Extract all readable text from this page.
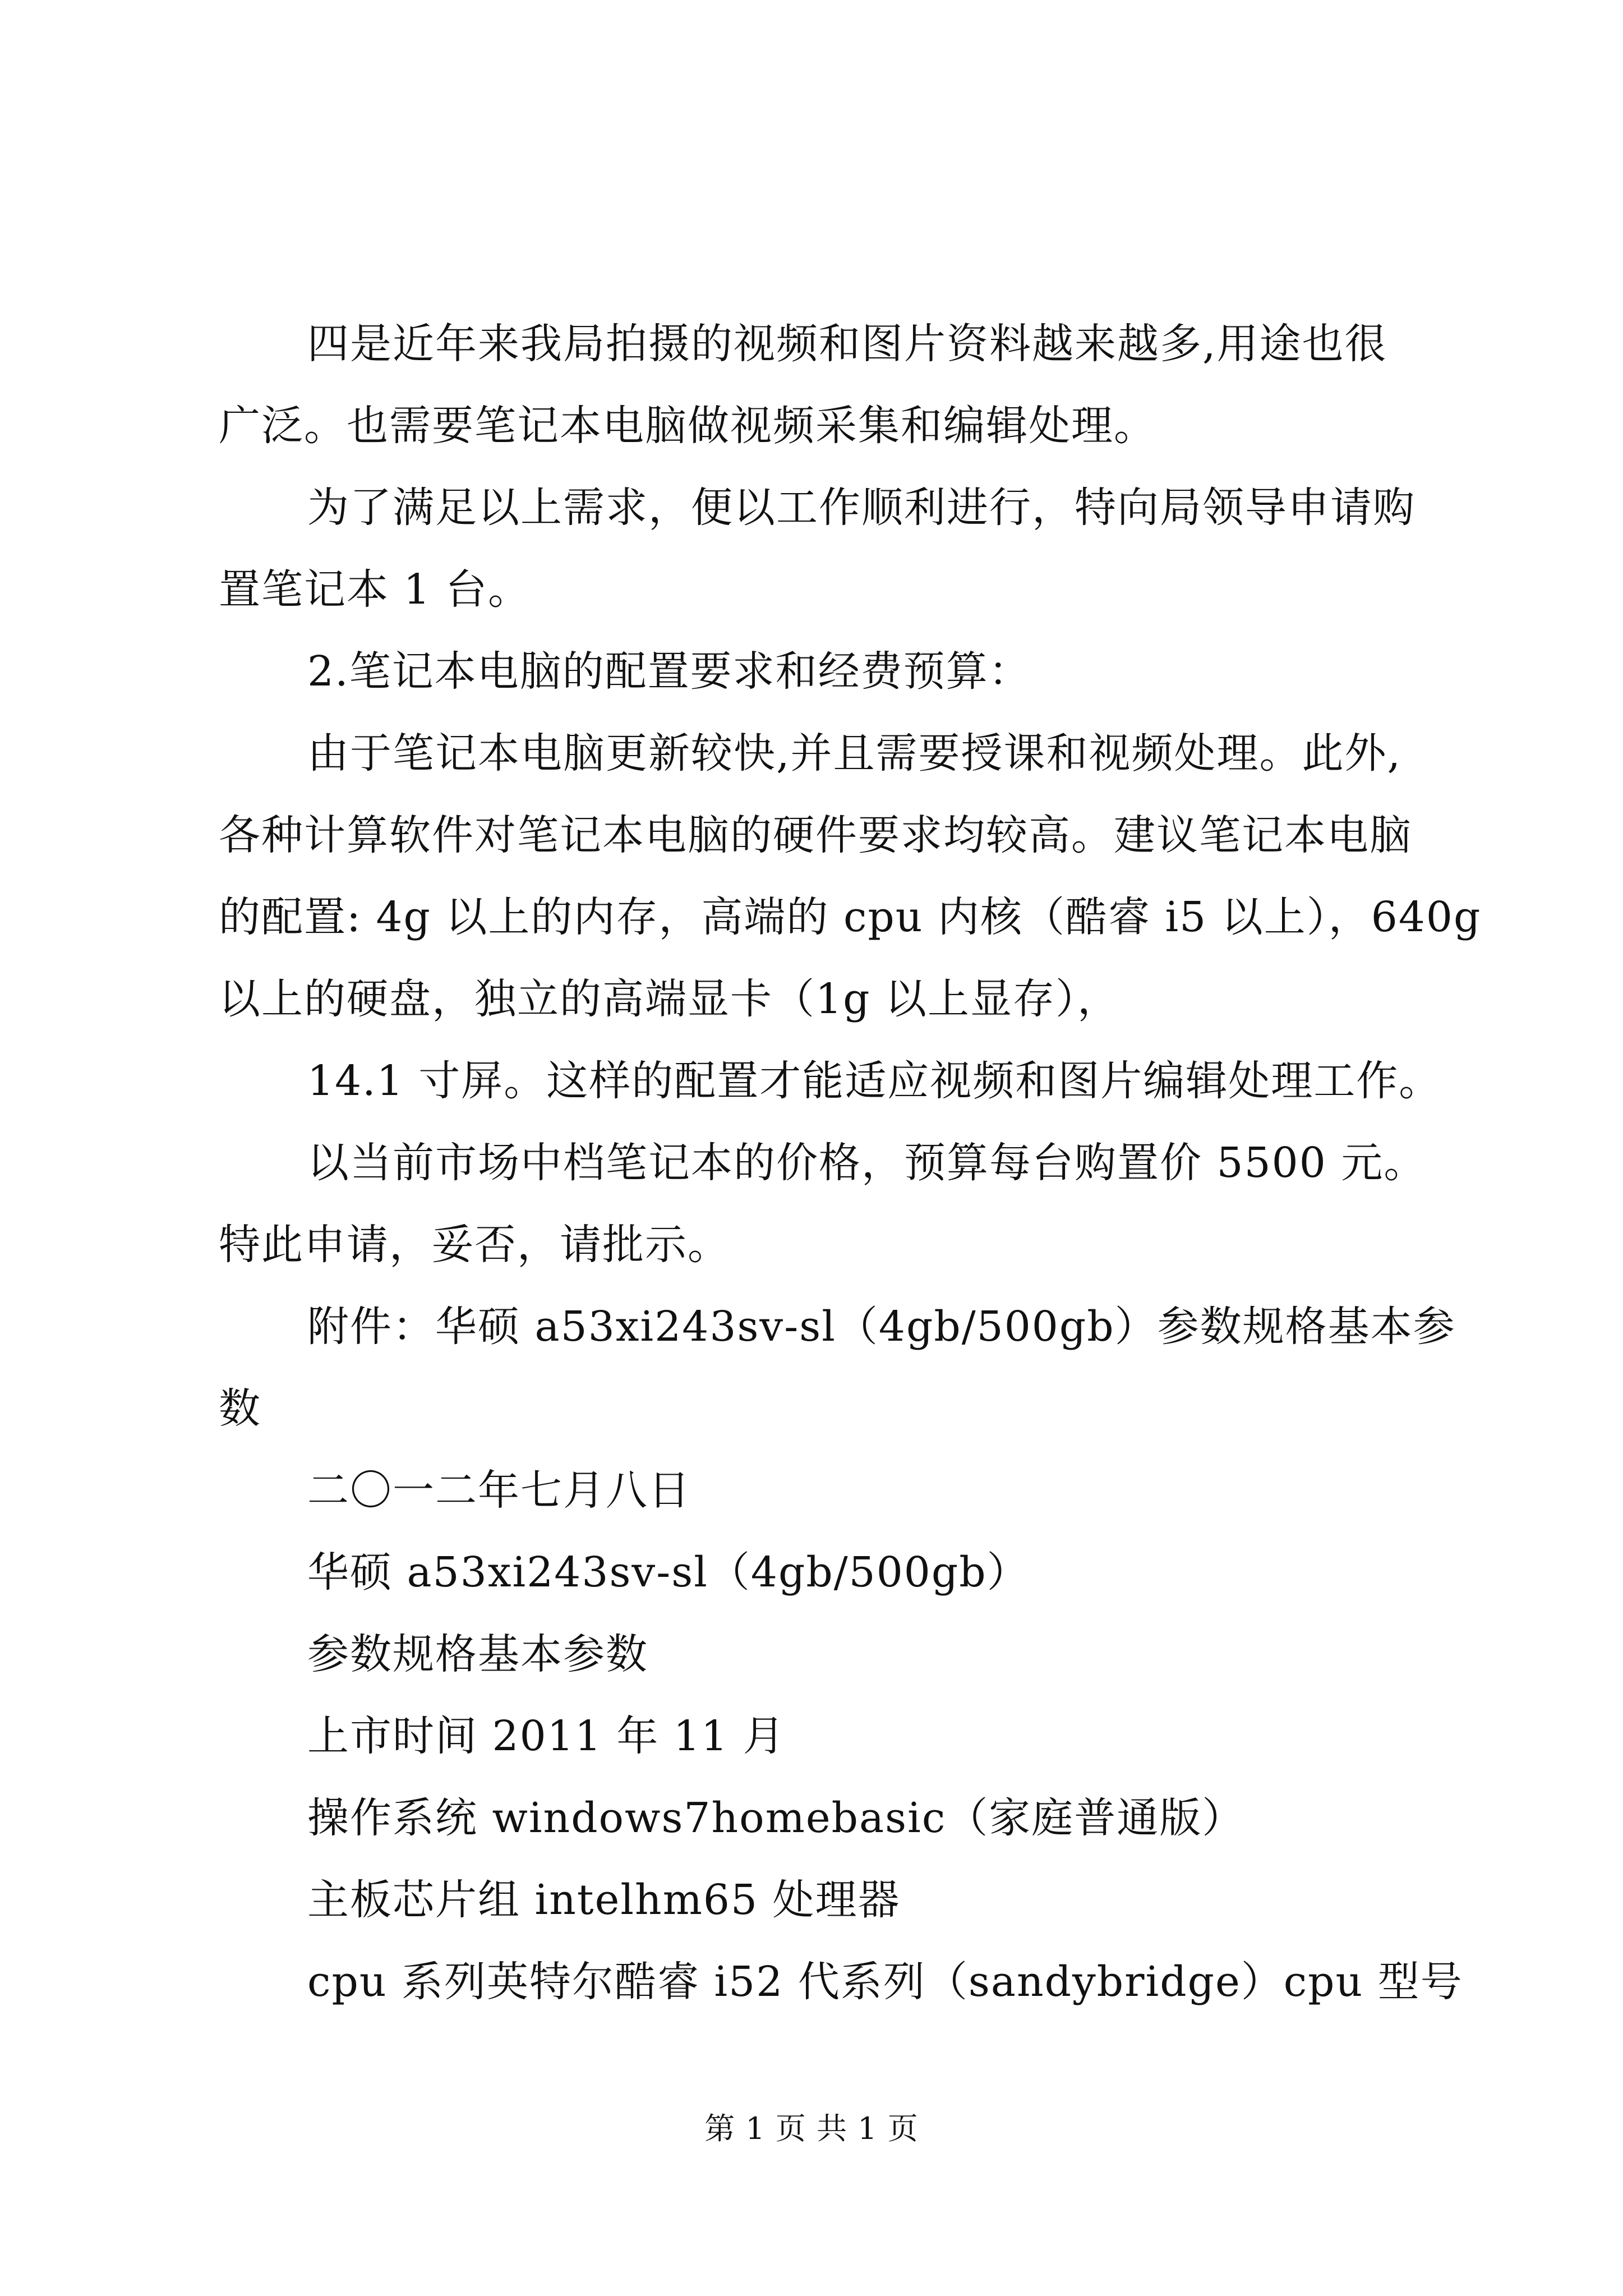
四是近年来我局拍摄的视频和图片资料越来越多,用途也很
广泛。也需要笔记本电脑做视频采集和编辑处理。
为了满足以上需求，便以工作顺利进行，特向局领导申请购
置笔记本 1 台。
2.笔记本电脑的配置要求和经费预算：
由于笔记本电脑更新较快,并且需要授课和视频处理。此外,
各种计算软件对笔记本电脑的硬件要求均较高。建议笔记本电脑
的配置: 4g 以上的内存，高端的 cpu 内核（酷睿 i5 以上），640g
以上的硬盘，独立的高端显卡（1g 以上显存），
14.1 寸屏。这样的配置才能适应视频和图片编辑处理工作。
以当前市场中档笔记本的价格，预算每台购置价 5500 元。
特此申请，妥否，请批示。
附件：华硕 a53xi243sv-sl（4gb/500gb）参数规格基本参
数
二〇一二年七月八日
华硕 a53xi243sv-sl（4gb/500gb）
参数规格基本参数
上市时间 2011 年 11 月
操作系统 windows7homebasic（家庭普通版）
主板芯片组 intelhm65 处理器
cpu 系列英特尔酷睿 i52 代系列（sandybridge）cpu 型号
第 1 页 共 1 页
